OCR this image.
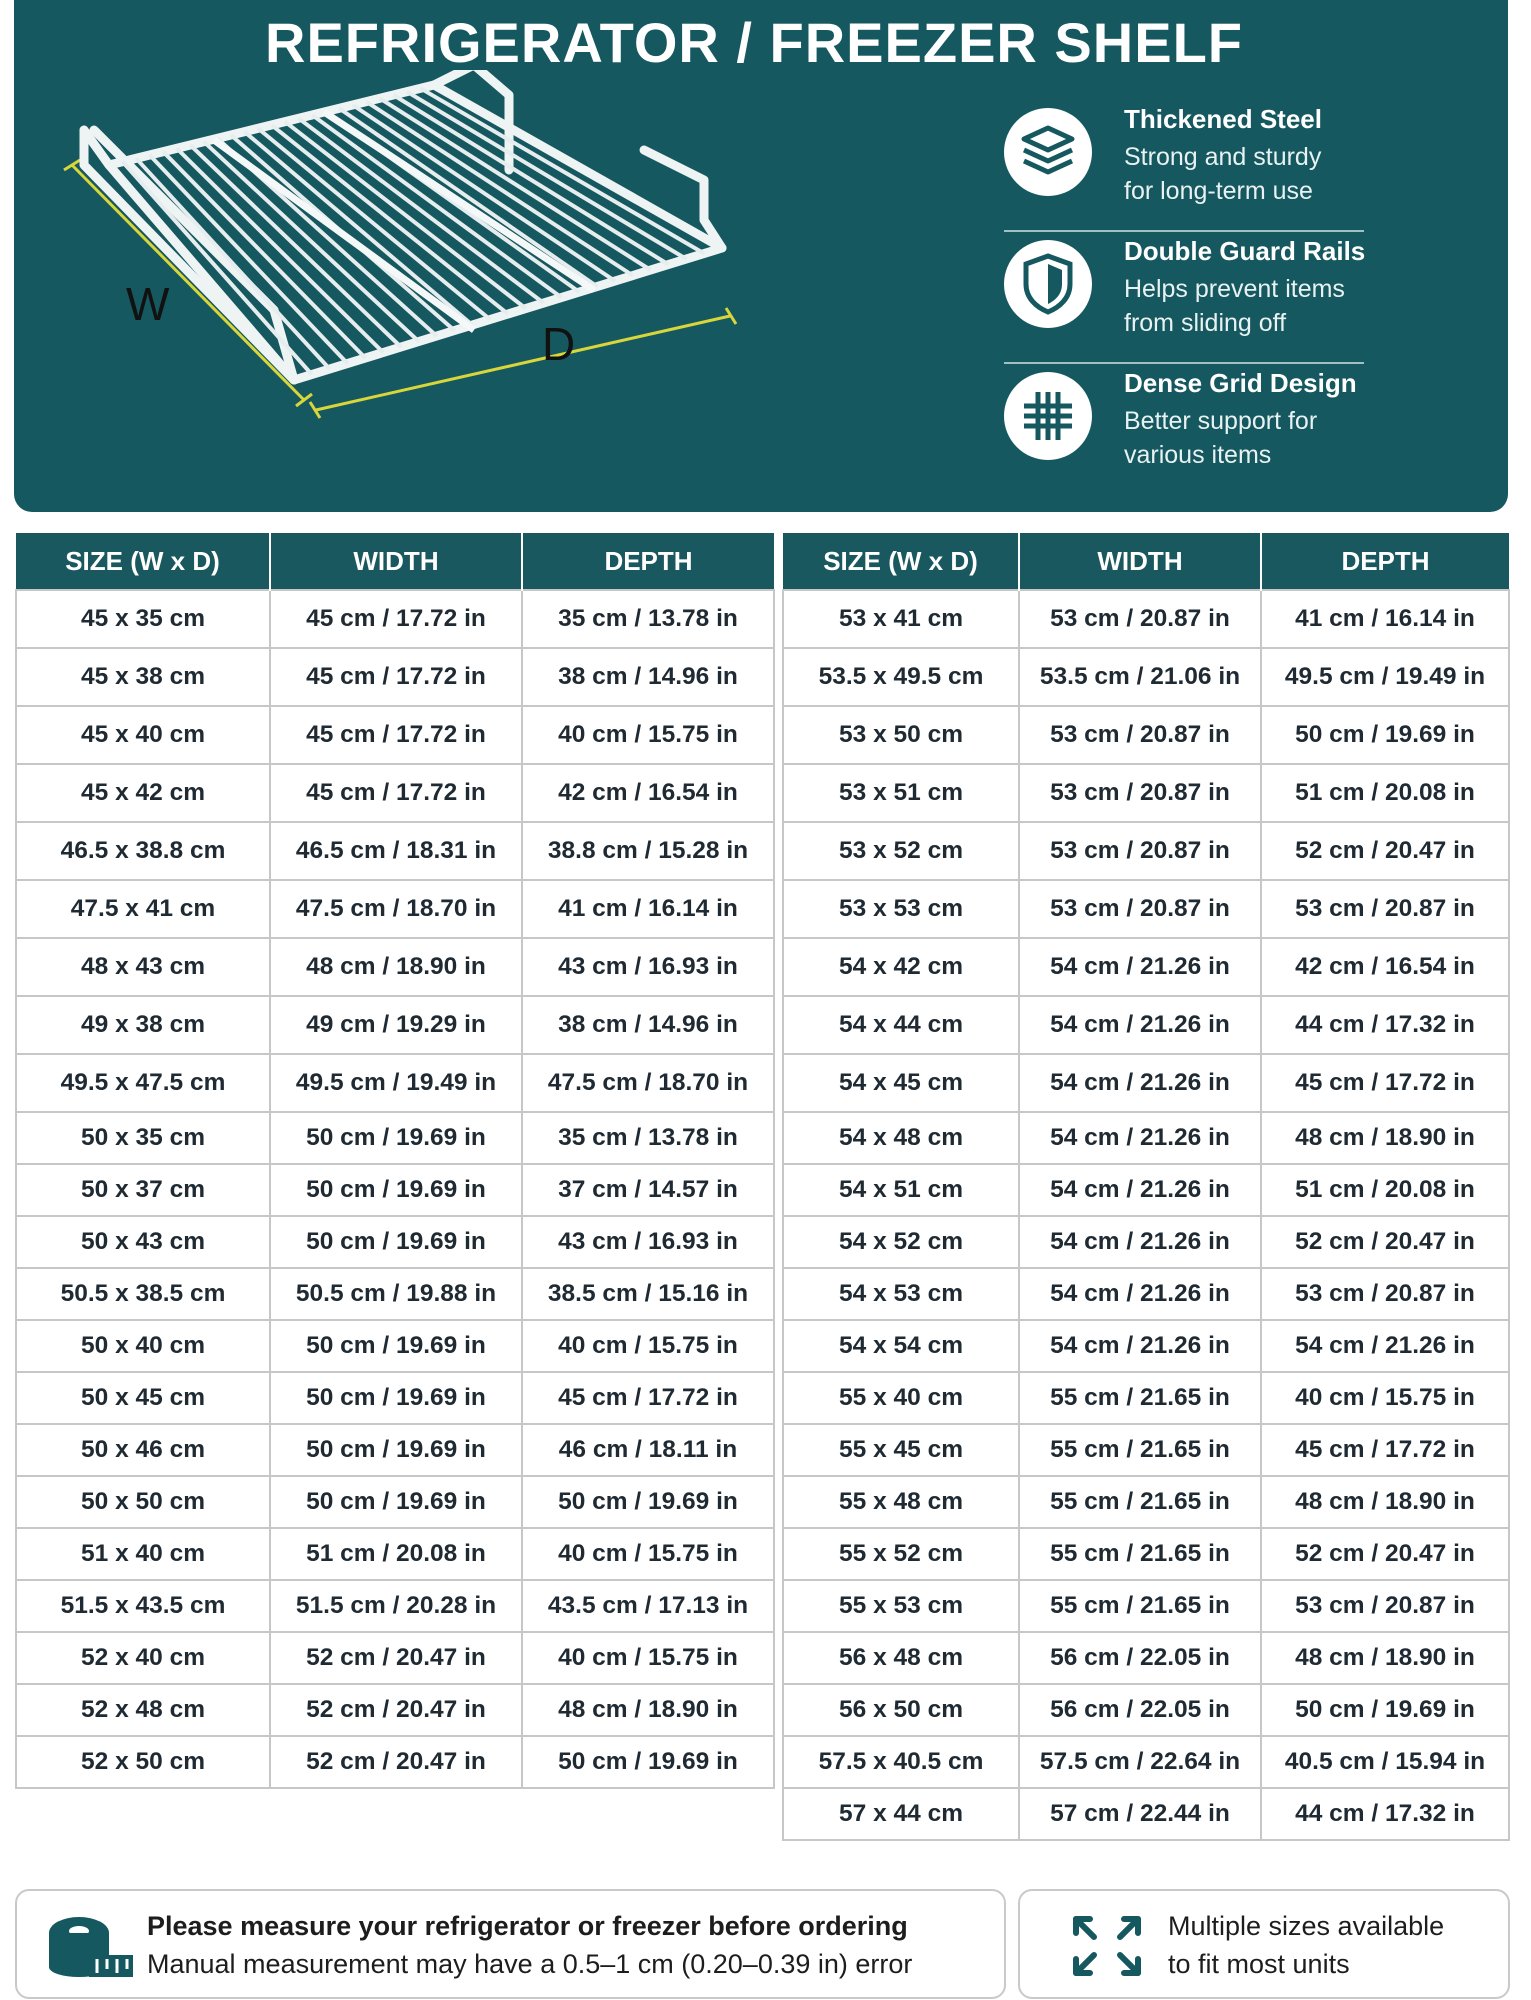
REFRIGERATOR / FREEZER SHELF
W
D
Thickened Steel
Strong and sturdy
for long-term use
Double Guard Rails
Helps prevent items
from sliding off
Dense Grid Design
Better support for
various items
SIZE (W x D)	WIDTH	DEPTH
45 x 35 cm	45 cm / 17.72 in	35 cm / 13.78 in
45 x 38 cm	45 cm / 17.72 in	38 cm / 14.96 in
45 x 40 cm	45 cm / 17.72 in	40 cm / 15.75 in
45 x 42 cm	45 cm / 17.72 in	42 cm / 16.54 in
46.5 x 38.8 cm	46.5 cm / 18.31 in	38.8 cm / 15.28 in
47.5 x 41 cm	47.5 cm / 18.70 in	41 cm / 16.14 in
48 x 43 cm	48 cm / 18.90 in	43 cm / 16.93 in
49 x 38 cm	49 cm / 19.29 in	38 cm / 14.96 in
49.5 x 47.5 cm	49.5 cm / 19.49 in	47.5 cm / 18.70 in
50 x 35 cm	50 cm / 19.69 in	35 cm / 13.78 in
50 x 37 cm	50 cm / 19.69 in	37 cm / 14.57 in
50 x 43 cm	50 cm / 19.69 in	43 cm / 16.93 in
50.5 x 38.5 cm	50.5 cm / 19.88 in	38.5 cm / 15.16 in
50 x 40 cm	50 cm / 19.69 in	40 cm / 15.75 in
50 x 45 cm	50 cm / 19.69 in	45 cm / 17.72 in
50 x 46 cm	50 cm / 19.69 in	46 cm / 18.11 in
50 x 50 cm	50 cm / 19.69 in	50 cm / 19.69 in
51 x 40 cm	51 cm / 20.08 in	40 cm / 15.75 in
51.5 x 43.5 cm	51.5 cm / 20.28 in	43.5 cm / 17.13 in
52 x 40 cm	52 cm / 20.47 in	40 cm / 15.75 in
52 x 48 cm	52 cm / 20.47 in	48 cm / 18.90 in
52 x 50 cm	52 cm / 20.47 in	50 cm / 19.69 in
SIZE (W x D)	WIDTH	DEPTH
53 x 41 cm	53 cm / 20.87 in	41 cm / 16.14 in
53.5 x 49.5 cm	53.5 cm / 21.06 in	49.5 cm / 19.49 in
53 x 50 cm	53 cm / 20.87 in	50 cm / 19.69 in
53 x 51 cm	53 cm / 20.87 in	51 cm / 20.08 in
53 x 52 cm	53 cm / 20.87 in	52 cm / 20.47 in
53 x 53 cm	53 cm / 20.87 in	53 cm / 20.87 in
54 x 42 cm	54 cm / 21.26 in	42 cm / 16.54 in
54 x 44 cm	54 cm / 21.26 in	44 cm / 17.32 in
54 x 45 cm	54 cm / 21.26 in	45 cm / 17.72 in
54 x 48 cm	54 cm / 21.26 in	48 cm / 18.90 in
54 x 51 cm	54 cm / 21.26 in	51 cm / 20.08 in
54 x 52 cm	54 cm / 21.26 in	52 cm / 20.47 in
54 x 53 cm	54 cm / 21.26 in	53 cm / 20.87 in
54 x 54 cm	54 cm / 21.26 in	54 cm / 21.26 in
55 x 40 cm	55 cm / 21.65 in	40 cm / 15.75 in
55 x 45 cm	55 cm / 21.65 in	45 cm / 17.72 in
55 x 48 cm	55 cm / 21.65 in	48 cm / 18.90 in
55 x 52 cm	55 cm / 21.65 in	52 cm / 20.47 in
55 x 53 cm	55 cm / 21.65 in	53 cm / 20.87 in
56 x 48 cm	56 cm / 22.05 in	48 cm / 18.90 in
56 x 50 cm	56 cm / 22.05 in	50 cm / 19.69 in
57.5 x 40.5 cm	57.5 cm / 22.64 in	40.5 cm / 15.94 in
57 x 44 cm	57 cm / 22.44 in	44 cm / 17.32 in
Please measure your refrigerator or freezer before ordering
Manual measurement may have a 0.5–1 cm (0.20–0.39 in) error
Multiple sizes available
to fit most units
